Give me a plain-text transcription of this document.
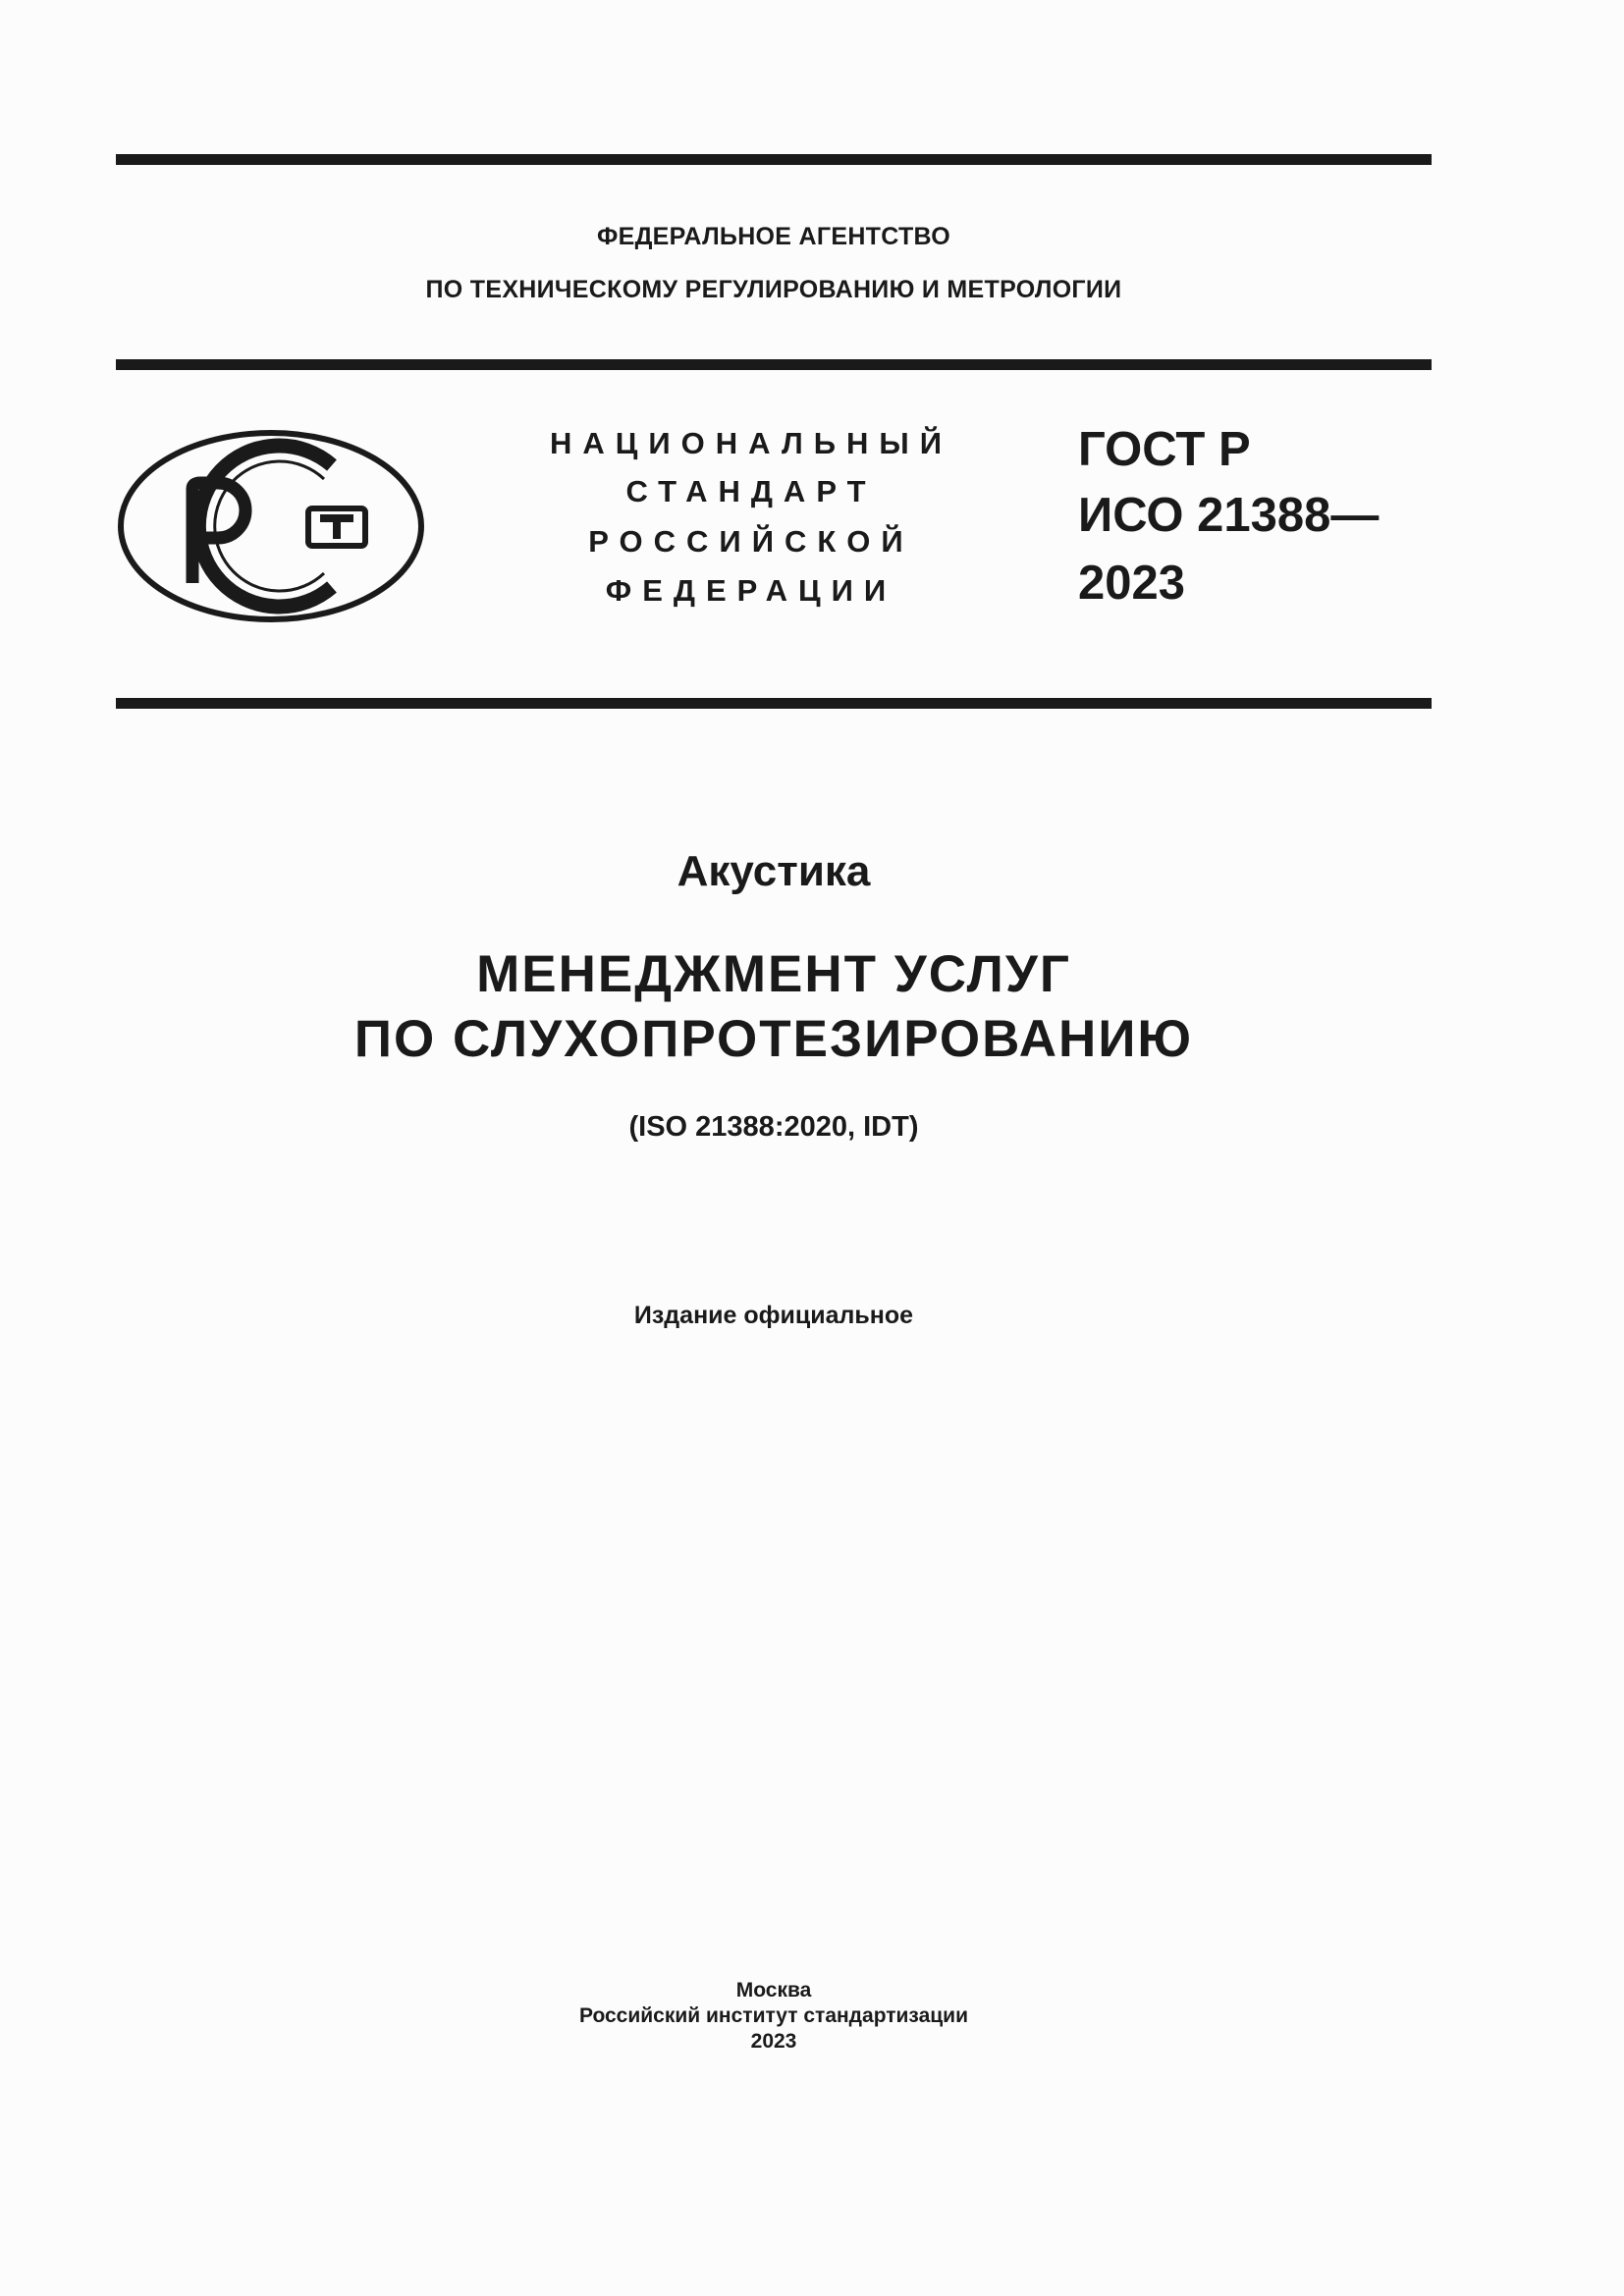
ФЕДЕРАЛЬНОЕ АГЕНТСТВО
ПО ТЕХНИЧЕСКОМУ РЕГУЛИРОВАНИЮ И МЕТРОЛОГИИ
НАЦИОНАЛЬНЫЙ
СТАНДАРТ
РОССИЙСКОЙ
ФЕДЕРАЦИИ
ГОСТ Р
ИСО 21388—
2023
Акустика
МЕНЕДЖМЕНТ УСЛУГ
ПО СЛУХОПРОТЕЗИРОВАНИЮ
(ISO 21388:2020, IDT)
Издание официальное
Москва
Российский институт стандартизации
2023
